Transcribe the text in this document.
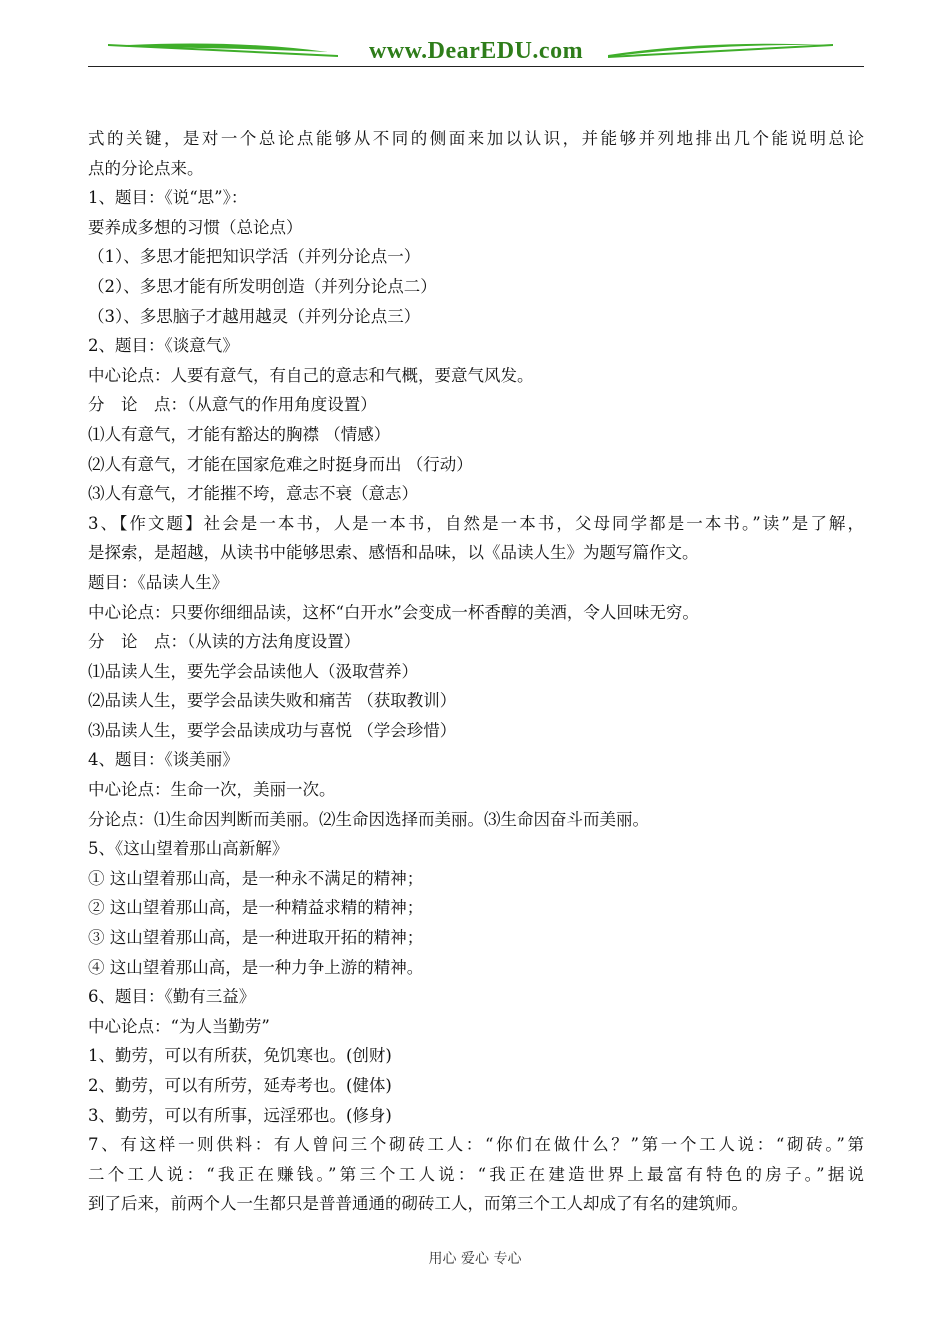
www.DearEDU.com
式的关键，是对一个总论点能够从不同的侧面来加以认识，并能够并列地排出几个能说明总论
点的分论点来。
1、题目：《说“思”》：
要养成多想的习惯（总论点）
（1）、多思才能把知识学活（并列分论点一）
（2）、多思才能有所发明创造（并列分论点二）
（3）、多思脑子才越用越灵（并列分论点三）
2、题目：《谈意气》
中心论点：人要有意气，有自己的意志和气概，要意气风发。
分　论　点：（从意气的作用角度设置）
⑴人有意气，才能有豁达的胸襟 （情感）
⑵人有意气，才能在国家危难之时挺身而出 （行动）
⑶人有意气，才能摧不垮，意志不衰（意志）
3、【作文题】社会是一本书，人是一本书，自然是一本书，父母同学都是一本书。”读”是了解，
是探索，是超越，从读书中能够思索、感悟和品味，以《品读人生》为题写篇作文。
题目：《品读人生》
中心论点：只要你细细品读，这杯“白开水”会变成一杯香醇的美酒，令人回味无穷。
分　论　点：（从读的方法角度设置）
⑴品读人生，要先学会品读他人（汲取营养）
⑵品读人生，要学会品读失败和痛苦 （获取教训）
⑶品读人生，要学会品读成功与喜悦 （学会珍惜）
4、题目：《谈美丽》
中心论点：生命一次，美丽一次。
分论点：⑴生命因判断而美丽。⑵生命因选择而美丽。⑶生命因奋斗而美丽。
5、《这山望着那山高新解》
① 这山望着那山高，是一种永不满足的精神；
② 这山望着那山高，是一种精益求精的精神；
③ 这山望着那山高，是一种进取开拓的精神；
④ 这山望着那山高，是一种力争上游的精神。
6、题目：《勤有三益》
中心论点：“为人当勤劳”
1、勤劳，可以有所获，免饥寒也。(创财)
2、勤劳，可以有所劳，延寿考也。(健体)
3、勤劳，可以有所事，远淫邪也。(修身)
7、有这样一则供料：有人曾问三个砌砖工人：“你们在做什么？”第一个工人说：“砌砖。”第
二个工人说：“我正在赚钱。”第三个工人说：“我正在建造世界上最富有特色的房子。”据说
到了后来，前两个人一生都只是普普通通的砌砖工人，而第三个工人却成了有名的建筑师。
用心 爱心 专心
